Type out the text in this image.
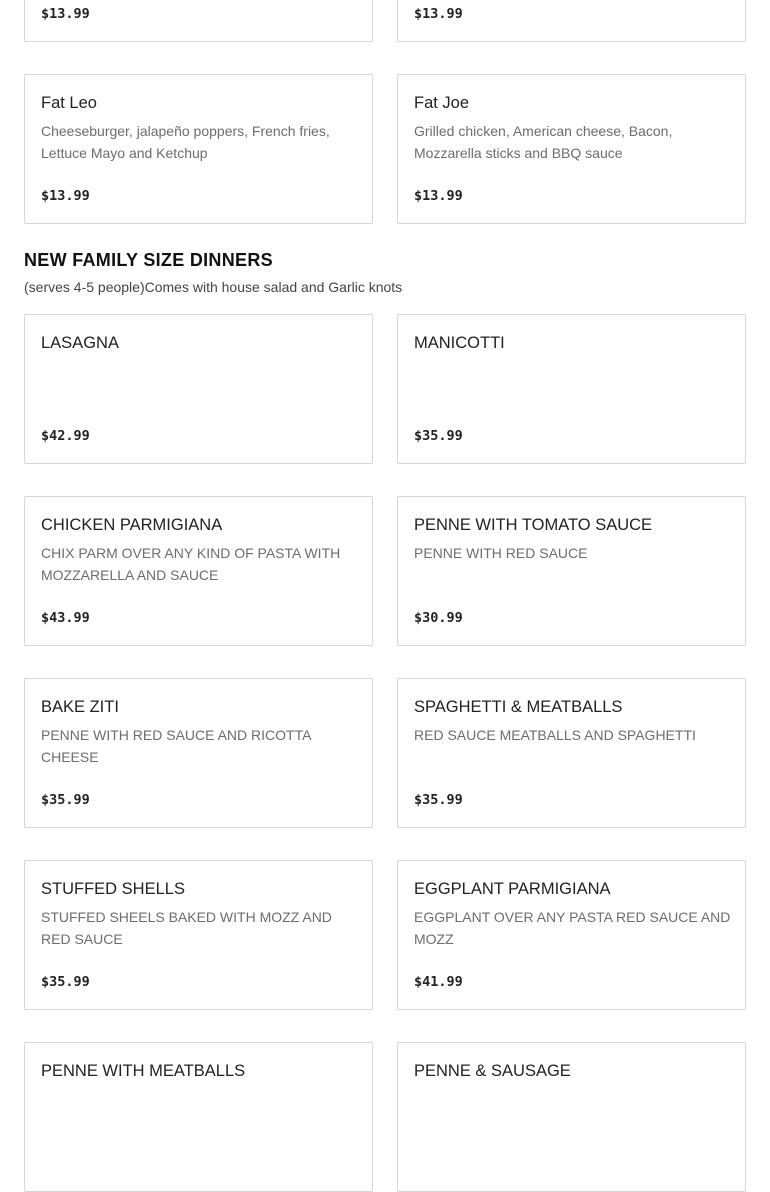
$13.99	$13.99
Fat Leo
Cheeseburger, jalapeño poppers, French fries, Lettuce Mayo and Ketchup
$13.99
Fat Joe
Grilled chicken, American cheese, Bacon, Mozzarella sticks and BBQ sauce
$13.99
NEW FAMILY SIZE DINNERS
(serves 4-5 people)Comes with house salad and Garlic knots
LASAGNA
$42.99
MANICOTTI
$35.99
CHICKEN PARMIGIANA
CHIX PARM OVER ANY KIND OF PASTA WITH MOZZARELLA AND SAUCE
$43.99
PENNE WITH TOMATO SAUCE
PENNE WITH RED SAUCE
$30.99
BAKE ZITI
PENNE WITH RED SAUCE AND RICOTTA CHEESE
$35.99
SPAGHETTI & MEATBALLS
RED SAUCE MEATBALLS AND SPAGHETTI
$35.99
STUFFED SHELLS
STUFFED SHEELS BAKED WITH MOZZ AND RED SAUCE
$35.99
EGGPLANT PARMIGIANA
EGGPLANT OVER ANY PASTA RED SAUCE AND MOZZ
$41.99
PENNE WITH MEATBALLS	PENNE & SAUSAGE
